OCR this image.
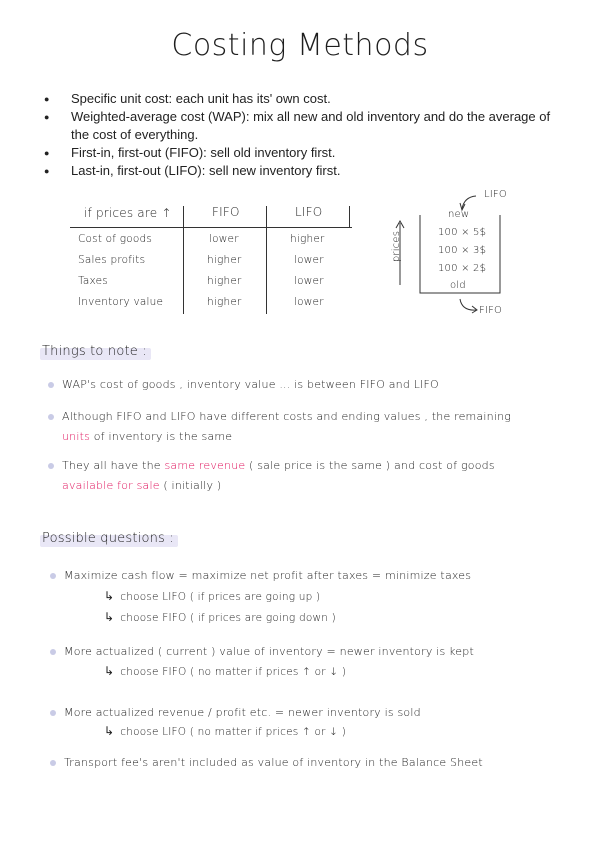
Costing Methods
● Specific unit cost: each unit has its' own cost.
● Weighted-average cost (WAP): mix all new and old inventory and do the average of the cost of everything.
● First-in, first-out (FIFO): sell old inventory first.
● Last-in, first-out (LIFO): sell new inventory first.
if prices are ↑	FIFO	LIFO
Cost of goods	lower	higher
Sales profits	higher	lower
Taxes	higher	lower
Inventory value	higher	lower
prices
LIFO
new
100 × 5$
100 × 3$
100 × 2$
old
FIFO
Things to note :
WAP's cost of goods , inventory value ... is between FIFO and LIFO
Although FIFO and LIFO have different costs and ending values , the remaining
units of inventory is the same
They all have the same revenue ( sale price is the same ) and cost of goods
available for sale ( initially )
Possible questions :
Maximize cash flow = maximize net profit after taxes = minimize taxes
↳ choose LIFO ( if prices are going up )
↳ choose FIFO ( if prices are going down )
More actualized ( current ) value of inventory = newer inventory is kept
↳ choose FIFO ( no matter if prices ↑ or ↓ )
More actualized revenue / profit etc. = newer inventory is sold
↳ choose LIFO ( no matter if prices ↑ or ↓ )
Transport fee's aren't included as value of inventory in the Balance Sheet
